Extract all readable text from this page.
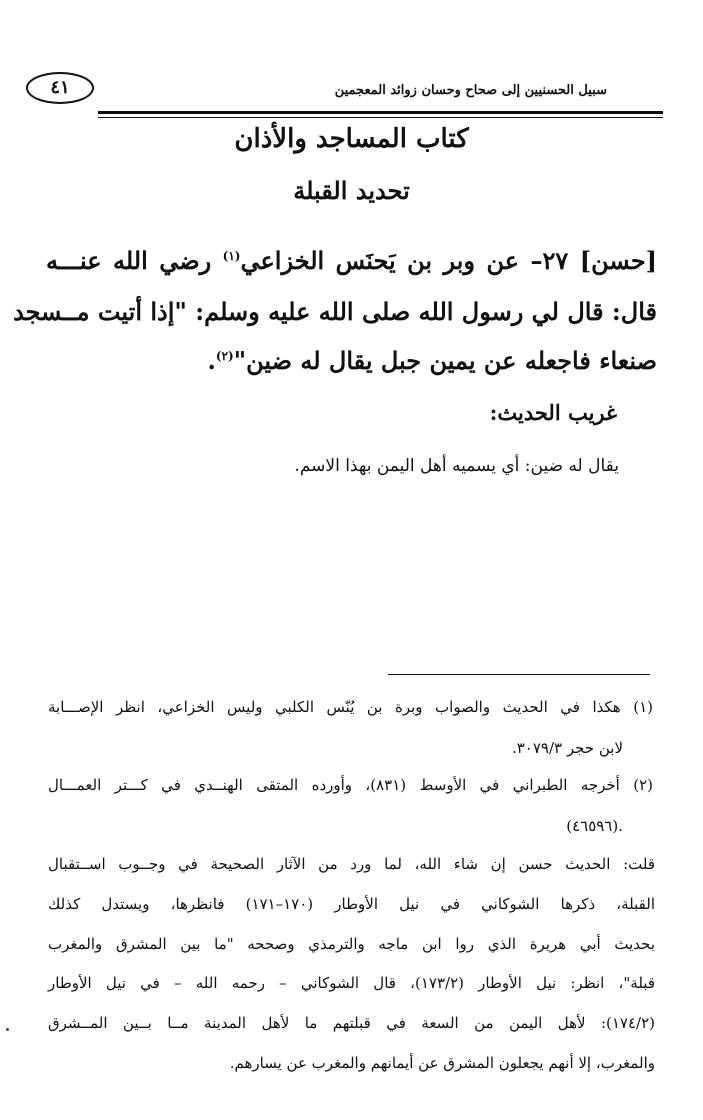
سبيل الحسنيين إلى صحاح وحسان زوائد المعجمين
٤١
كتاب المساجد والأذان
تحديد القبلة
[حسن] ٢٧– عن وبر بن يَحنَس الخزاعي$^{(١)}$ رضي الله عنـــه
قال: قال لي رسول الله صلى الله عليه وسلم: "إذا أتيت مــسجد
صنعاء فاجعله عن يمين جبل يقال له ضين"$^{(٢)}$.
غريب الحديث:
يقال له ضين: أي يسميه أهل اليمن بهذا الاسم.
(١) هكذا في الحديث والصواب وبرة بن يُنّس الكلبي وليس الخزاعي، انظر الإصـــابة
لابن حجر ٣٠٧٩/٣.
(٢) أخرجه الطبراني في الأوسط (٨٣١)، وأورده المتقى الهنــدي في كـــتر العمـــال
(٤٦٥٩٦).
قلت: الحديث حسن إن شاء الله، لما ورد من الآثار الصحيحة في وجــوب اســتقبال
القبلة، ذكرها الشوكاني في نيل الأوطار (١٧٠–١٧١) فانظرها، ويستدل كذلك
بحديث أبي هريرة الذي روا ابن ماجه والترمذي وصححه "ما بين المشرق والمغرب
قبلة"، انظر: نيل الأوطار (١٧٣/٢)، قال الشوكاني – رحمه الله – في نيل الأوطار
(١٧٤/٢): لأهل اليمن من السعة في قبلتهم ما لأهل المدينة مــا بــين المــشرق
والمغرب، إلا أنهم يجعلون المشرق عن أيمانهم والمغرب عن يسارهم.
